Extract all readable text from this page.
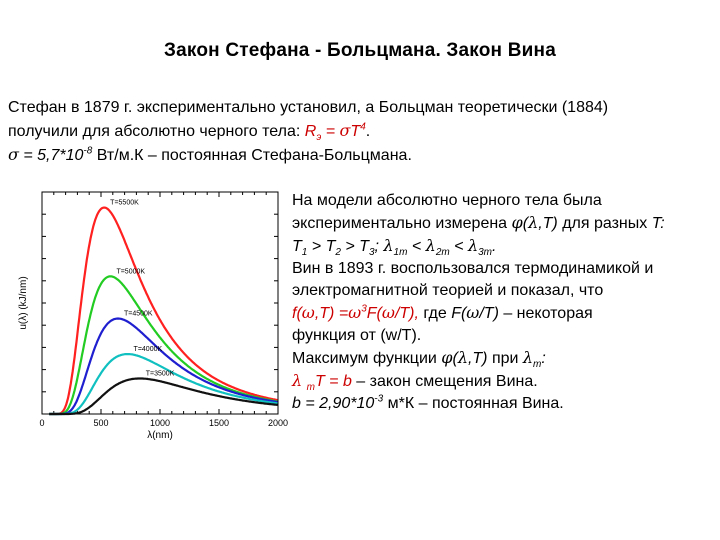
Закон Стефана - Больцмана. Закон Вина
Стефан в 1879 г. экспериментально установил, а Больцман теоретически (1884)
получили для абсолютно черного тела: $R_э = \sigma T^4$.
$\sigma = 5,7*10^{-8}$ Вт/м.К – постоянная Стефана-Больцмана.
0	500	1000	1500	2000
λ(nm)
u(λ) (kJ/nm)
T=5500K
T=5000K
T=4500K
T=4000K
T=3500K
На модели абсолютно черного тела была
экспериментально измерена φ(λ,T) для разных T:
$T_1 > T_2 > T_3$; $\lambda_{1m} < \lambda_{2m} < \lambda_{3m}$.
Вин в 1893 г. воспользовался термодинамикой и
электромагнитной теорией и показал, что
$f(\omega,T) =\omega^3F(\omega/T)$, где F(ω/T) – некоторая
функция от (w/T).
Максимум функции φ(λ,T) при $\lambda_m$:
λ $_m$T = b – закон смещения Вина.
$b = 2,90*10^{-3}$ м*К – постоянная Вина.
